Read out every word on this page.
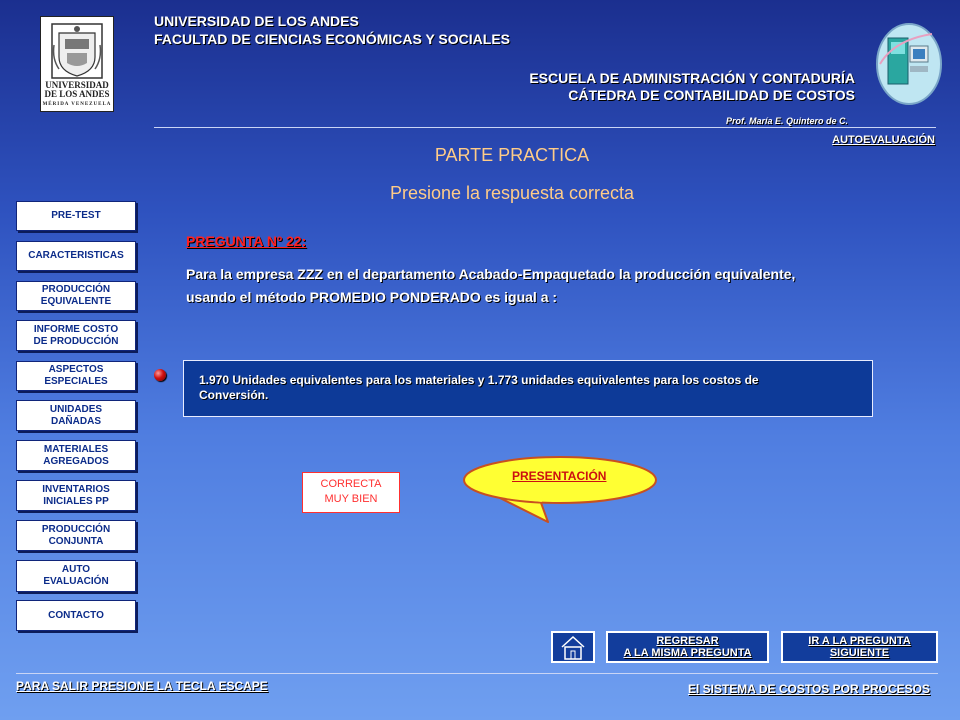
UNIVERSIDAD
DE LOS ANDES
MÉRIDA VENEZUELA
UNIVERSIDAD DE LOS ANDES
FACULTAD DE CIENCIAS ECONÓMICAS Y SOCIALES
ESCUELA DE ADMINISTRACIÓN Y CONTADURÍA
CÁTEDRA DE CONTABILIDAD DE COSTOS
Prof. María E. Quintero de C.
AUTOEVALUACIÓN
PARTE PRACTICA
Presione la respuesta correcta
PRE-TEST
CARACTERISTICAS
PRODUCCIÓN
EQUIVALENTE
INFORME COSTO
DE PRODUCCIÓN
ASPECTOS
ESPECIALES
UNIDADES
DAÑADAS
MATERIALES
AGREGADOS
INVENTARIOS
INICIALES PP
PRODUCCIÓN
CONJUNTA
AUTO
EVALUACIÓN
CONTACTO
PREGUNTA Nº 22:
Para la empresa ZZZ en el departamento Acabado-Empaquetado la producción equivalente,
usando el método PROMEDIO PONDERADO es igual a :
1.970 Unidades equivalentes para los materiales y 1.773 unidades equivalentes para los costos de
Conversión.
CORRECTA
MUY BIEN
PRESENTACIÓN
REGRESAR
A LA MISMA PREGUNTA
IR A LA PREGUNTA
SIGUIENTE
PARA SALIR PRESIONE LA TECLA ESCAPE	El SISTEMA DE COSTOS POR PROCESOS
